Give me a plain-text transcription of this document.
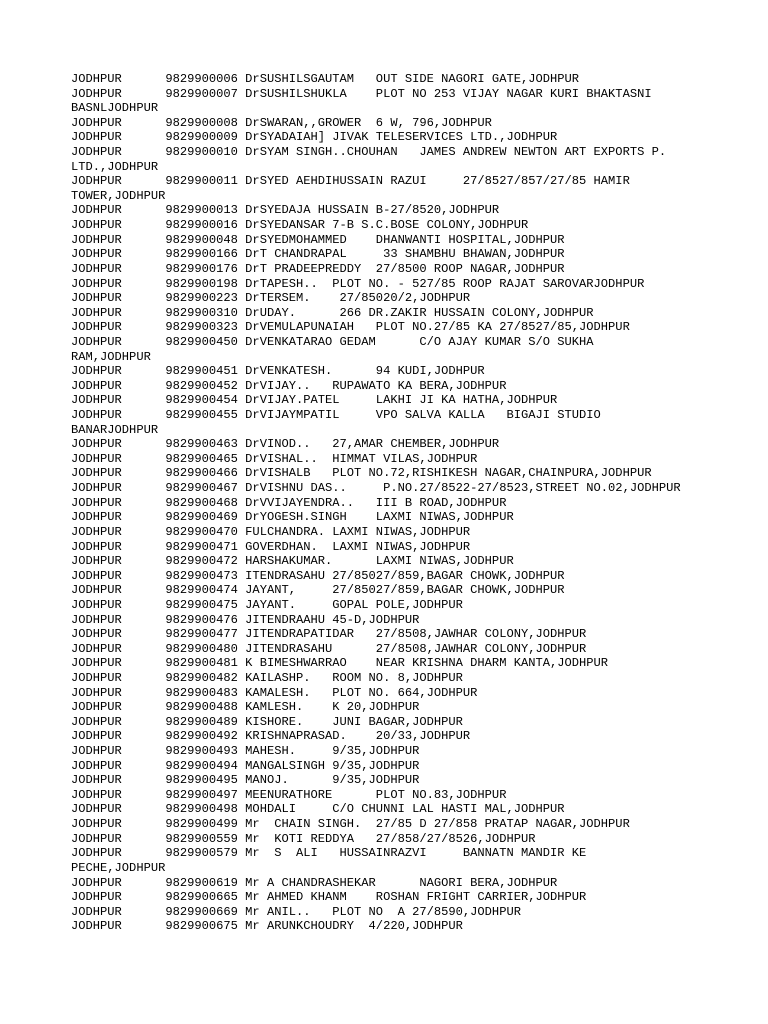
JODHPUR      9829900006 DrSUSHILSGAUTAM   OUT SIDE NAGORI GATE,JODHPUR
JODHPUR      9829900007 DrSUSHILSHUKLA    PLOT NO 253 VIJAY NAGAR KURI BHAKTASNI
BASNLJODHPUR
JODHPUR      9829900008 DrSWARAN,,GROWER  6 W, 796,JODHPUR
JODHPUR      9829900009 DrSYADAIAH] JIVAK TELESERVICES LTD.,JODHPUR
JODHPUR      9829900010 DrSYAM SINGH..CHOUHAN   JAMES ANDREW NEWTON ART EXPORTS P.
LTD.,JODHPUR
JODHPUR      9829900011 DrSYED AEHDIHUSSAIN RAZUI     27/8527/857/27/85 HAMIR
TOWER,JODHPUR
JODHPUR      9829900013 DrSYEDAJA HUSSAIN B-27/8520,JODHPUR
JODHPUR      9829900016 DrSYEDANSAR 7-B S.C.BOSE COLONY,JODHPUR
JODHPUR      9829900048 DrSYEDMOHAMMED    DHANWANTI HOSPITAL,JODHPUR
JODHPUR      9829900166 DrT CHANDRAPAL     33 SHAMBHU BHAWAN,JODHPUR
JODHPUR      9829900176 DrT PRADEEPREDDY  27/8500 ROOP NAGAR,JODHPUR
JODHPUR      9829900198 DrTAPESH..  PLOT NO. - 527/85 ROOP RAJAT SAROVARJODHPUR
JODHPUR      9829900223 DrTERSEM.    27/85020/2,JODHPUR
JODHPUR      9829900310 DrUDAY.      266 DR.ZAKIR HUSSAIN COLONY,JODHPUR
JODHPUR      9829900323 DrVEMULAPUNAIAH   PLOT NO.27/85 KA 27/8527/85,JODHPUR
JODHPUR      9829900450 DrVENKATARAO GEDAM      C/O AJAY KUMAR S/O SUKHA
RAM,JODHPUR
JODHPUR      9829900451 DrVENKATESH.      94 KUDI,JODHPUR
JODHPUR      9829900452 DrVIJAY..   RUPAWATO KA BERA,JODHPUR
JODHPUR      9829900454 DrVIJAY.PATEL     LAKHI JI KA HATHA,JODHPUR
JODHPUR      9829900455 DrVIJAYMPATIL     VPO SALVA KALLA   BIGAJI STUDIO
BANARJODHPUR
JODHPUR      9829900463 DrVINOD..   27,AMAR CHEMBER,JODHPUR
JODHPUR      9829900465 DrVISHAL..  HIMMAT VILAS,JODHPUR
JODHPUR      9829900466 DrVISHALB   PLOT NO.72,RISHIKESH NAGAR,CHAINPURA,JODHPUR
JODHPUR      9829900467 DrVISHNU DAS..     P.NO.27/8522-27/8523,STREET NO.02,JODHPUR
JODHPUR      9829900468 DrVVIJAYENDRA..   III B ROAD,JODHPUR
JODHPUR      9829900469 DrYOGESH.SINGH    LAXMI NIWAS,JODHPUR
JODHPUR      9829900470 FULCHANDRA. LAXMI NIWAS,JODHPUR
JODHPUR      9829900471 GOVERDHAN.  LAXMI NIWAS,JODHPUR
JODHPUR      9829900472 HARSHAKUMAR.      LAXMI NIWAS,JODHPUR
JODHPUR      9829900473 ITENDRASAHU 27/85027/859,BAGAR CHOWK,JODHPUR
JODHPUR      9829900474 JAYANT,     27/85027/859,BAGAR CHOWK,JODHPUR
JODHPUR      9829900475 JAYANT.     GOPAL POLE,JODHPUR
JODHPUR      9829900476 JITENDRAAHU 45-D,JODHPUR
JODHPUR      9829900477 JITENDRAPATIDAR   27/8508,JAWHAR COLONY,JODHPUR
JODHPUR      9829900480 JITENDRASAHU      27/8508,JAWHAR COLONY,JODHPUR
JODHPUR      9829900481 K BIMESHWARRAO    NEAR KRISHNA DHARM KANTA,JODHPUR
JODHPUR      9829900482 KAILASHP.   ROOM NO. 8,JODHPUR
JODHPUR      9829900483 KAMALESH.   PLOT NO. 664,JODHPUR
JODHPUR      9829900488 KAMLESH.    K 20,JODHPUR
JODHPUR      9829900489 KISHORE.    JUNI BAGAR,JODHPUR
JODHPUR      9829900492 KRISHNAPRASAD.    20/33,JODHPUR
JODHPUR      9829900493 MAHESH.     9/35,JODHPUR
JODHPUR      9829900494 MANGALSINGH 9/35,JODHPUR
JODHPUR      9829900495 MANOJ.      9/35,JODHPUR
JODHPUR      9829900497 MEENURATHORE      PLOT NO.83,JODHPUR
JODHPUR      9829900498 MOHDALI     C/O CHUNNI LAL HASTI MAL,JODHPUR
JODHPUR      9829900499 Mr  CHAIN SINGH.  27/85 D 27/858 PRATAP NAGAR,JODHPUR
JODHPUR      9829900559 Mr  KOTI REDDYA   27/858/27/8526,JODHPUR
JODHPUR      9829900579 Mr  S  ALI   HUSSAINRAZVI     BANNATN MANDIR KE
PECHE,JODHPUR
JODHPUR      9829900619 Mr A CHANDRASHEKAR      NAGORI BERA,JODHPUR
JODHPUR      9829900665 Mr AHMED KHANM    ROSHAN FRIGHT CARRIER,JODHPUR
JODHPUR      9829900669 Mr ANIL..   PLOT NO  A 27/8590,JODHPUR
JODHPUR      9829900675 Mr ARUNKCHOUDRY  4/220,JODHPUR
